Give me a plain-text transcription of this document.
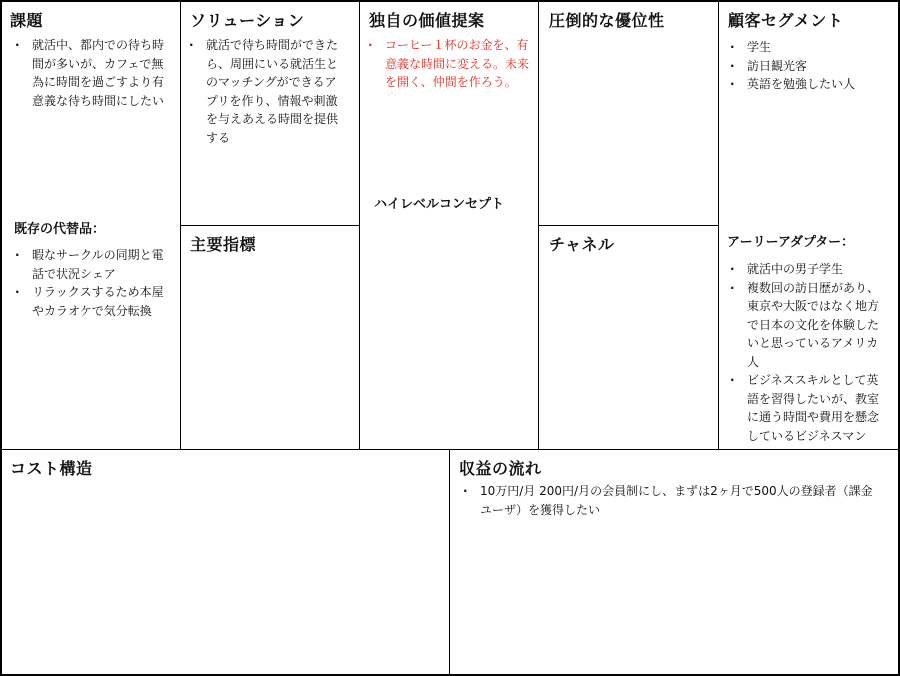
課題
· 就活中、都内での待ち時間が多いが、カフェで無為に時間を過ごすより有意義な待ち時間にしたい
既存の代替品：
· 暇なサークルの同期と電話で状況シェア
· リラックスするため本屋やカラオケで気分転換
ソリューション
· 就活で待ち時間ができたら、周囲にいる就活生とのマッチングができるアプリを作り、情報や刺激を与えあえる時間を提供する
主要指標
独自の価値提案
· コーヒー１杯のお金を、有意義な時間に変える。未来を開く、仲間を作ろう。
ハイレベルコンセプト
圧倒的な優位性
チャネル
顧客セグメント
· 学生
· 訪日観光客
· 英語を勉強したい人
アーリーアダプター：
· 就活中の男子学生
· 複数回の訪日歴があり、東京や大阪ではなく地方で日本の文化を体験したいと思っているアメリカ人
· ビジネススキルとして英語を習得したいが、教室に通う時間や費用を懸念しているビジネスマン
コスト構造	収益の流れ
· 10万円/月 200円/月の会員制にし、まずは2ヶ月で500人の登録者（課金ユーザ）を獲得したい
